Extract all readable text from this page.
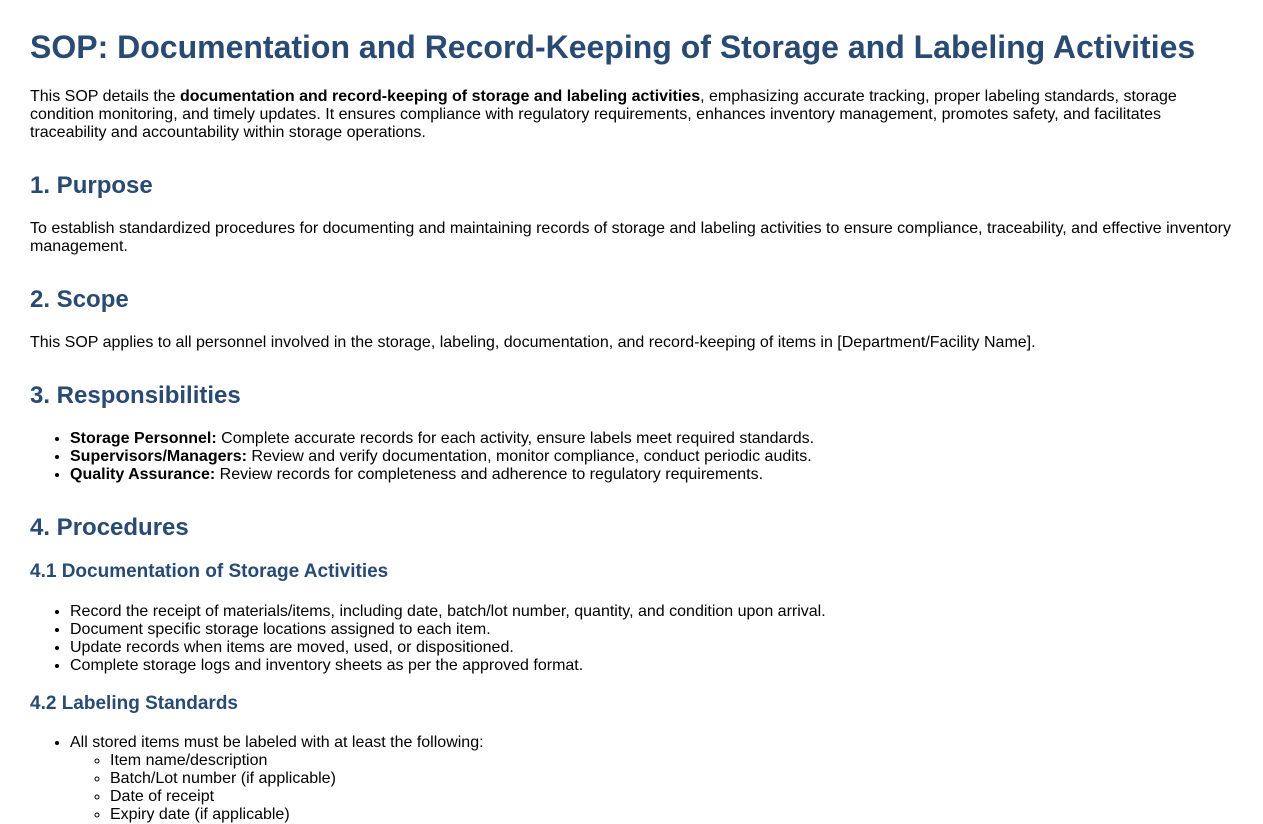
SOP: Documentation and Record-Keeping of Storage and Labeling Activities

This SOP details the documentation and record-keeping of storage and labeling activities, emphasizing accurate tracking, proper labeling standards, storage condition monitoring, and timely updates. It ensures compliance with regulatory requirements, enhances inventory management, promotes safety, and facilitates traceability and accountability within storage operations.

1. Purpose

To establish standardized procedures for documenting and maintaining records of storage and labeling activities to ensure compliance, traceability, and effective inventory management.

2. Scope

This SOP applies to all personnel involved in the storage, labeling, documentation, and record-keeping of items in [Department/Facility Name].

3. Responsibilities
• Storage Personnel: Complete accurate records for each activity, ensure labels meet required standards.
• Supervisors/Managers: Review and verify documentation, monitor compliance, conduct periodic audits.
• Quality Assurance: Review records for completeness and adherence to regulatory requirements.
4. Procedures
4.1 Documentation of Storage Activities
• Record the receipt of materials/items, including date, batch/lot number, quantity, and condition upon arrival.
• Document specific storage locations assigned to each item.
• Update records when items are moved, used, or dispositioned.
• Complete storage logs and inventory sheets as per the approved format.
4.2 Labeling Standards
• All stored items must be labeled with at least the following:
◦ Item name/description
◦ Batch/Lot number (if applicable)
◦ Date of receipt
◦ Expiry date (if applicable)
